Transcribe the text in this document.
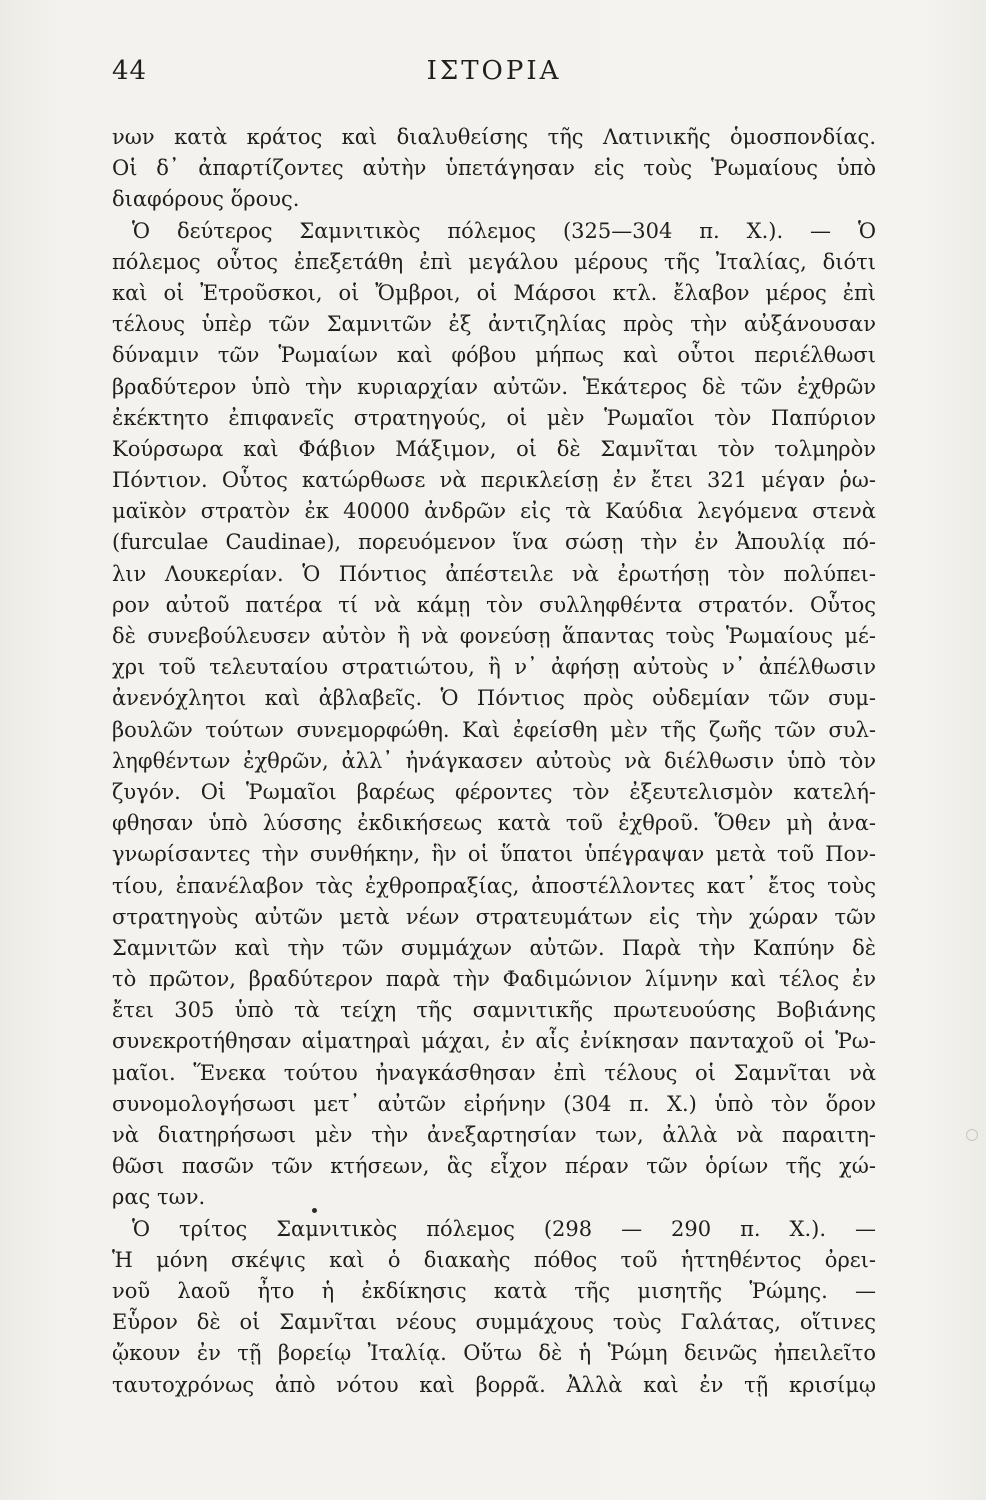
44	ΙΣΤΟΡΙΑ
νων κατὰ κράτος καὶ διαλυθείσης τῆς Λατινικῆς ὁμοσπονδίας.
Οἱ δ᾽ ἀπαρτίζοντες αὐτὴν ὑπετάγησαν εἰς τοὺς Ῥωμαίους ὑπὸ
διαφόρους ὅρους.
Ὁ δεύτερος Σαμνιτικὸς πόλεμος (325—304 π. Χ.). — Ὁ
πόλεμος οὗτος ἐπεξετάθη ἐπὶ μεγάλου μέρους τῆς Ἰταλίας, διότι
καὶ οἱ Ἐτροῦσκοι, οἱ Ὄμβροι, οἱ Μάρσοι κτλ. ἔλαβον μέρος ἐπὶ
τέλους ὑπὲρ τῶν Σαμνιτῶν ἐξ ἀντιζηλίας πρὸς τὴν αὐξάνουσαν
δύναμιν τῶν Ῥωμαίων καὶ φόβου μήπως καὶ οὗτοι περιέλθωσι
βραδύτερον ὑπὸ τὴν κυριαρχίαν αὐτῶν. Ἑκάτερος δὲ τῶν ἐχθρῶν
ἐκέκτητο ἐπιφανεῖς στρατηγούς, οἱ μὲν Ῥωμαῖοι τὸν Παπύριον
Κούρσωρα καὶ Φάβιον Μάξιμον, οἱ δὲ Σαμνῖται τὸν τολμηρὸν
Πόντιον. Οὗτος κατώρθωσε νὰ περικλείσῃ ἐν ἔτει 321 μέγαν ῥω-
μαϊκὸν στρατὸν ἐκ 40000 ἀνδρῶν εἰς τὰ Καύδια λεγόμενα στενὰ
(furculae Caudinae), πορευόμενον ἵνα σώσῃ τὴν ἐν Ἀπουλίᾳ πό-
λιν Λουκερίαν. Ὁ Πόντιος ἀπέστειλε νὰ ἐρωτήσῃ τὸν πολύπει-
ρον αὐτοῦ πατέρα τί νὰ κάμῃ τὸν συλληφθέντα στρατόν. Οὗτος
δὲ συνεβούλευσεν αὐτὸν ἢ νὰ φονεύσῃ ἅπαντας τοὺς Ῥωμαίους μέ-
χρι τοῦ τελευταίου στρατιώτου, ἢ ν᾽ ἀφήσῃ αὐτοὺς ν᾽ ἀπέλθωσιν
ἀνενόχλητοι καὶ ἀβλαβεῖς. Ὁ Πόντιος πρὸς οὐδεμίαν τῶν συμ-
βουλῶν τούτων συνεμορφώθη. Καὶ ἐφείσθη μὲν τῆς ζωῆς τῶν συλ-
ληφθέντων ἐχθρῶν, ἀλλ᾽ ἠνάγκασεν αὐτοὺς νὰ διέλθωσιν ὑπὸ τὸν
ζυγόν. Οἱ Ῥωμαῖοι βαρέως φέροντες τὸν ἐξευτελισμὸν κατελή-
φθησαν ὑπὸ λύσσης ἐκδικήσεως κατὰ τοῦ ἐχθροῦ. Ὅθεν μὴ ἀνα-
γνωρίσαντες τὴν συνθήκην, ἣν οἱ ὕπατοι ὑπέγραψαν μετὰ τοῦ Πον-
τίου, ἐπανέλαβον τὰς ἐχθροπραξίας, ἀποστέλλοντες κατ᾽ ἔτος τοὺς
στρατηγοὺς αὐτῶν μετὰ νέων στρατευμάτων εἰς τὴν χώραν τῶν
Σαμνιτῶν καὶ τὴν τῶν συμμάχων αὐτῶν. Παρὰ τὴν Καπύην δὲ
τὸ πρῶτον, βραδύτερον παρὰ τὴν Φαδιμώνιον λίμνην καὶ τέλος ἐν
ἔτει 305 ὑπὸ τὰ τείχη τῆς σαμνιτικῆς πρωτευούσης Βοβιάνης
συνεκροτήθησαν αἱματηραὶ μάχαι, ἐν αἷς ἐνίκησαν πανταχοῦ οἱ Ῥω-
μαῖοι. Ἕνεκα τούτου ἠναγκάσθησαν ἐπὶ τέλους οἱ Σαμνῖται νὰ
συνομολογήσωσι μετ᾽ αὐτῶν εἰρήνην (304 π. Χ.) ὑπὸ τὸν ὅρον
νὰ διατηρήσωσι μὲν τὴν ἀνεξαρτησίαν των, ἀλλὰ νὰ παραιτη-
θῶσι πασῶν τῶν κτήσεων, ἃς εἶχον πέραν τῶν ὁρίων τῆς χώ-
ρας των.
Ὁ τρίτος Σαμνιτικὸς πόλεμος (298 — 290 π. Χ.). —
Ἡ μόνη σκέψις καὶ ὁ διακαὴς πόθος τοῦ ἡττηθέντος ὀρει-
νοῦ λαοῦ ἦτο ἡ ἐκδίκησις κατὰ τῆς μισητῆς Ῥώμης. —
Εὗρον δὲ οἱ Σαμνῖται νέους συμμάχους τοὺς Γαλάτας, οἵτινες
ᾤκουν ἐν τῇ βορείῳ Ἰταλίᾳ. Οὕτω δὲ ἡ Ῥώμη δεινῶς ἠπειλεῖτο
ταυτοχρόνως ἀπὸ νότου καὶ βορρᾶ. Ἀλλὰ καὶ ἐν τῇ κρισίμῳ
